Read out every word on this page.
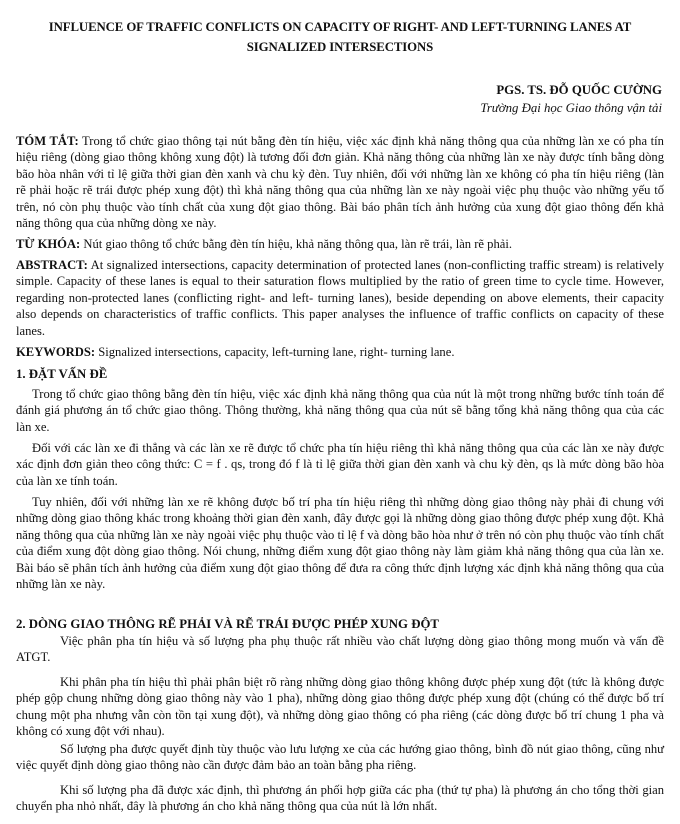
INFLUENCE OF TRAFFIC CONFLICTS ON CAPACITY OF RIGHT- AND LEFT-TURNING LANES AT
SIGNALIZED INTERSECTIONS
PGS. TS. ĐỖ QUỐC CƯỜNG
Trường Đại học Giao thông vận tải

TÓM TẮT: Trong tổ chức giao thông tại nút bằng đèn tín hiệu, việc xác định khả năng thông qua của những làn xe có pha tín hiệu riêng (dòng giao thông không xung đột) là tương đối đơn giản. Khả năng thông của những làn xe này được tính bằng dòng bão hòa nhân với tỉ lệ giữa thời gian đèn xanh và chu kỳ đèn. Tuy nhiên, đối với những làn xe không có pha tín hiệu riêng (làn rẽ phải hoặc rẽ trái được phép xung đột) thì khả năng thông qua của những làn xe này ngoài việc phụ thuộc vào những yếu tố trên, nó còn phụ thuộc vào tính chất của xung đột giao thông. Bài báo phân tích ảnh hưởng của xung đột giao thông đến khả năng thông qua của những dòng xe này.

TỪ KHÓA: Nút giao thông tổ chức bằng đèn tín hiệu, khả năng thông qua, làn rẽ trái, làn rẽ phải.

ABSTRACT: At signalized intersections, capacity determination of protected lanes (non-conflicting traffic stream) is relatively simple. Capacity of these lanes is equal to their saturation flows multiplied by the ratio of green time to cycle time. However, regarding non-protected lanes (conflicting right- and left- turning lanes), beside depending on above elements, their capacity also depends on characteristics of traffic conflicts. This paper analyses the influence of traffic conflicts on capacity of these lanes.

KEYWORDS: Signalized intersections, capacity, left-turning lane, right- turning lane.

1. ĐẶT VẤN ĐỀ

Trong tổ chức giao thông bằng đèn tín hiệu, việc xác định khả năng thông qua của nút là một trong những bước tính toán để đánh giá phương án tổ chức giao thông. Thông thường, khả năng thông qua của nút sẽ bằng tổng khả năng thông qua của các làn xe.

Đối với các làn xe đi thẳng và các làn xe rẽ được tổ chức pha tín hiệu riêng thì khả năng thông qua của các làn xe này được xác định đơn giản theo công thức: C = f . qs, trong đó f là tỉ lệ giữa thời gian đèn xanh và chu kỳ đèn, qs là mức dòng bão hòa của làn xe tính toán.

Tuy nhiên, đối với những làn xe rẽ không được bố trí pha tín hiệu riêng thì những dòng giao thông này phải đi chung với những dòng giao thông khác trong khoảng thời gian đèn xanh, đây được gọi là những dòng giao thông được phép xung đột. Khả năng thông qua của những làn xe này ngoài việc phụ thuộc vào tỉ lệ f và dòng bão hòa như ở trên nó còn phụ thuộc vào tính chất của điểm xung đột dòng giao thông. Nói chung, những điểm xung đột giao thông này làm giảm khả năng thông qua của làn xe. Bài báo sẽ phân tích ảnh hưởng của điểm xung đột giao thông để đưa ra công thức định lượng xác định khả năng thông qua của những làn xe này.

2. DÒNG GIAO THÔNG RẼ PHẢI VÀ RẼ TRÁI ĐƯỢC PHÉP XUNG ĐỘT

Việc phân pha tín hiệu và số lượng pha phụ thuộc rất nhiều vào chất lượng dòng giao thông mong muốn và vấn đề ATGT.

Khi phân pha tín hiệu thì phải phân biệt rõ ràng những dòng giao thông không được phép xung đột (tức là không được phép gộp chung những dòng giao thông này vào 1 pha), những dòng giao thông được phép xung đột (chúng có thể được bố trí chung một pha nhưng vẫn còn tồn tại xung đột), và những dòng giao thông có pha riêng (các dòng được bố trí chung 1 pha và không có xung đột với nhau).

Số lượng pha được quyết định tùy thuộc vào lưu lượng xe của các hướng giao thông, bình đồ nút giao thông, cũng như việc quyết định dòng giao thông nào cần được đảm bảo an toàn bằng pha riêng.

Khi số lượng pha đã được xác định, thì phương án phối hợp giữa các pha (thứ tự pha) là phương án cho tổng thời gian chuyển pha nhỏ nhất, đây là phương án cho khả năng thông qua của nút là lớn nhất.
